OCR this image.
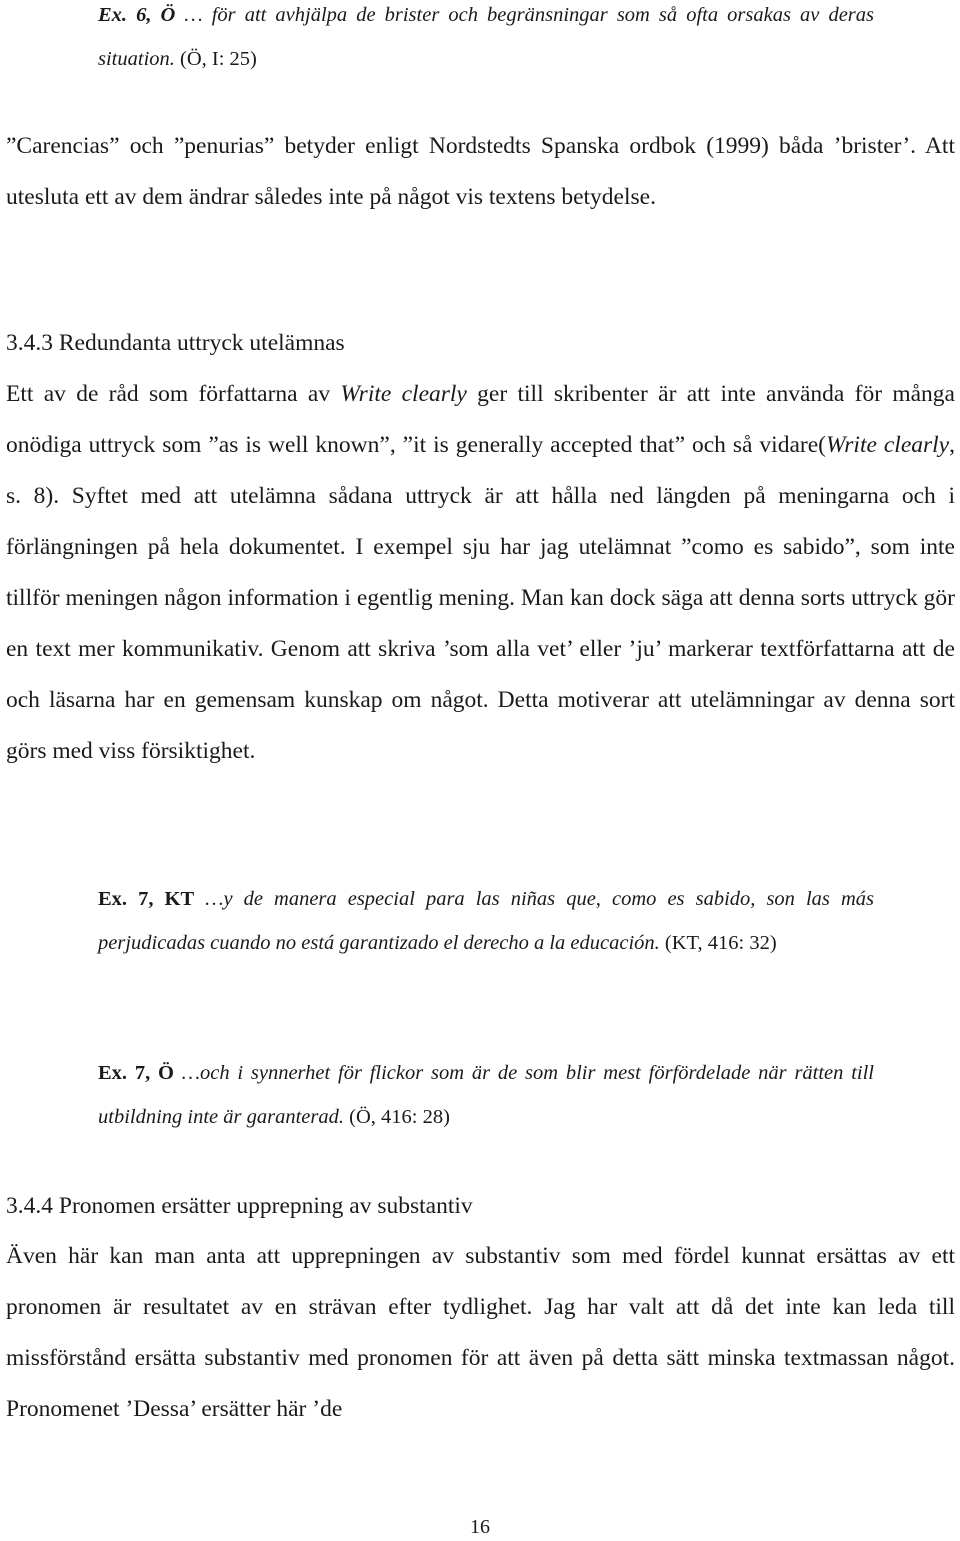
Ex. 6, Ö … för att avhjälpa de brister och begränsningar som så ofta orsakas av deras situation. (Ö, I: 25)

”Carencias” och ”penurias” betyder enligt Nordstedts Spanska ordbok (1999) båda ’brister’. Att utesluta ett av dem ändrar således inte på något vis textens betydelse.

3.4.3 Redundanta uttryck utelämnas

Ett av de råd som författarna av Write clearly ger till skribenter är att inte använda för många onödiga uttryck som ”as is well known”, ”it is generally accepted that” och så vidare(Write clearly, s. 8). Syftet med att utelämna sådana uttryck är att hålla ned längden på meningarna och i förlängningen på hela dokumentet. I exempel sju har jag utelämnat ”como es sabido”, som inte tillför meningen någon information i egentlig mening. Man kan dock säga att denna sorts uttryck gör en text mer kommunikativ. Genom att skriva ’som alla vet’ eller ’ju’ markerar textförfattarna att de och läsarna har en gemensam kunskap om något. Detta motiverar att utelämningar av denna sort görs med viss försiktighet.

Ex. 7, KT …y de manera especial para las niñas que, como es sabido, son las más perjudicadas cuando no está garantizado el derecho a la educación. (KT, 416: 32)

Ex. 7, Ö …och i synnerhet för flickor som är de som blir mest förfördelade när rätten till utbildning inte är garanterad. (Ö, 416: 28)

3.4.4 Pronomen ersätter upprepning av substantiv

Även här kan man anta att upprepningen av substantiv som med fördel kunnat ersättas av ett pronomen är resultatet av en strävan efter tydlighet. Jag har valt att då det inte kan leda till missförstånd ersätta substantiv med pronomen för att även på detta sätt minska textmassan något. Pronomenet ’Dessa’ ersätter här ’de

16
